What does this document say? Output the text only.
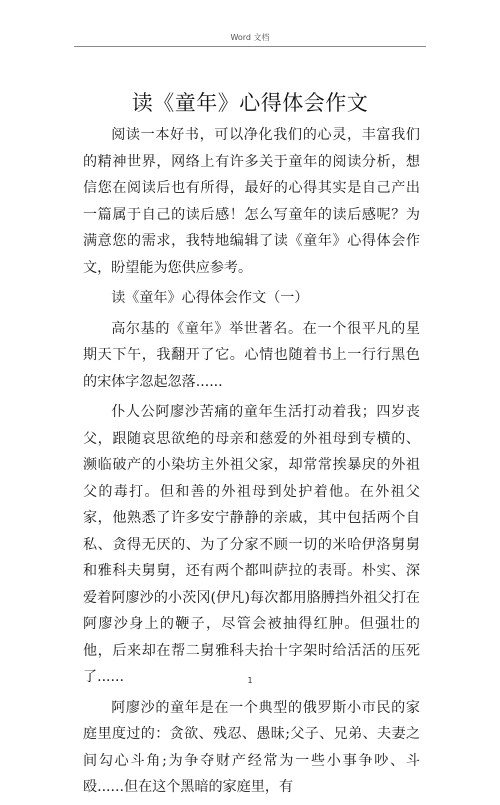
Word 文档
读《童年》心得体会作文

阅读一本好书，可以净化我们的心灵，丰富我们的精神世界，网络上有许多关于童年的阅读分析，想信您在阅读后也有所得，最好的心得其实是自己产出一篇属于自己的读后感！怎么写童年的读后感呢？为满意您的需求，我特地编辑了读《童年》心得体会作文，盼望能为您供应参考。

读《童年》心得体会作文（一）

高尔基的《童年》举世著名。在一个很平凡的星期天下午，我翻开了它。心情也随着书上一行行黑色的宋体字忽起忽落......

仆人公阿廖沙苦痛的童年生活打动着我；四岁丧父，跟随哀思欲绝的母亲和慈爱的外祖母到专横的、濒临破产的小染坊主外祖父家，却常常挨暴戾的外祖父的毒打。但和善的外祖母到处护着他。在外祖父家，他熟悉了许多安宁静静的亲戚，其中包括两个自私、贪得无厌的、为了分家不顾一切的米哈伊洛舅舅和雅科夫舅舅，还有两个都叫萨拉的表哥。朴实、深爱着阿廖沙的小茨冈(伊凡)每次都用胳膊挡外祖父打在阿廖沙身上的鞭子，尽管会被抽得红肿。但强壮的他，后来却在帮二舅雅科夫抬十字架时给活活的压死了......

阿廖沙的童年是在一个典型的俄罗斯小市民的家庭里度过的：贪欲、残忍、愚昧;父子、兄弟、夫妻之间勾心斗角;为争夺财产经常为一些小事争吵、斗殴......但在这个黑暗的家庭里，有

1
